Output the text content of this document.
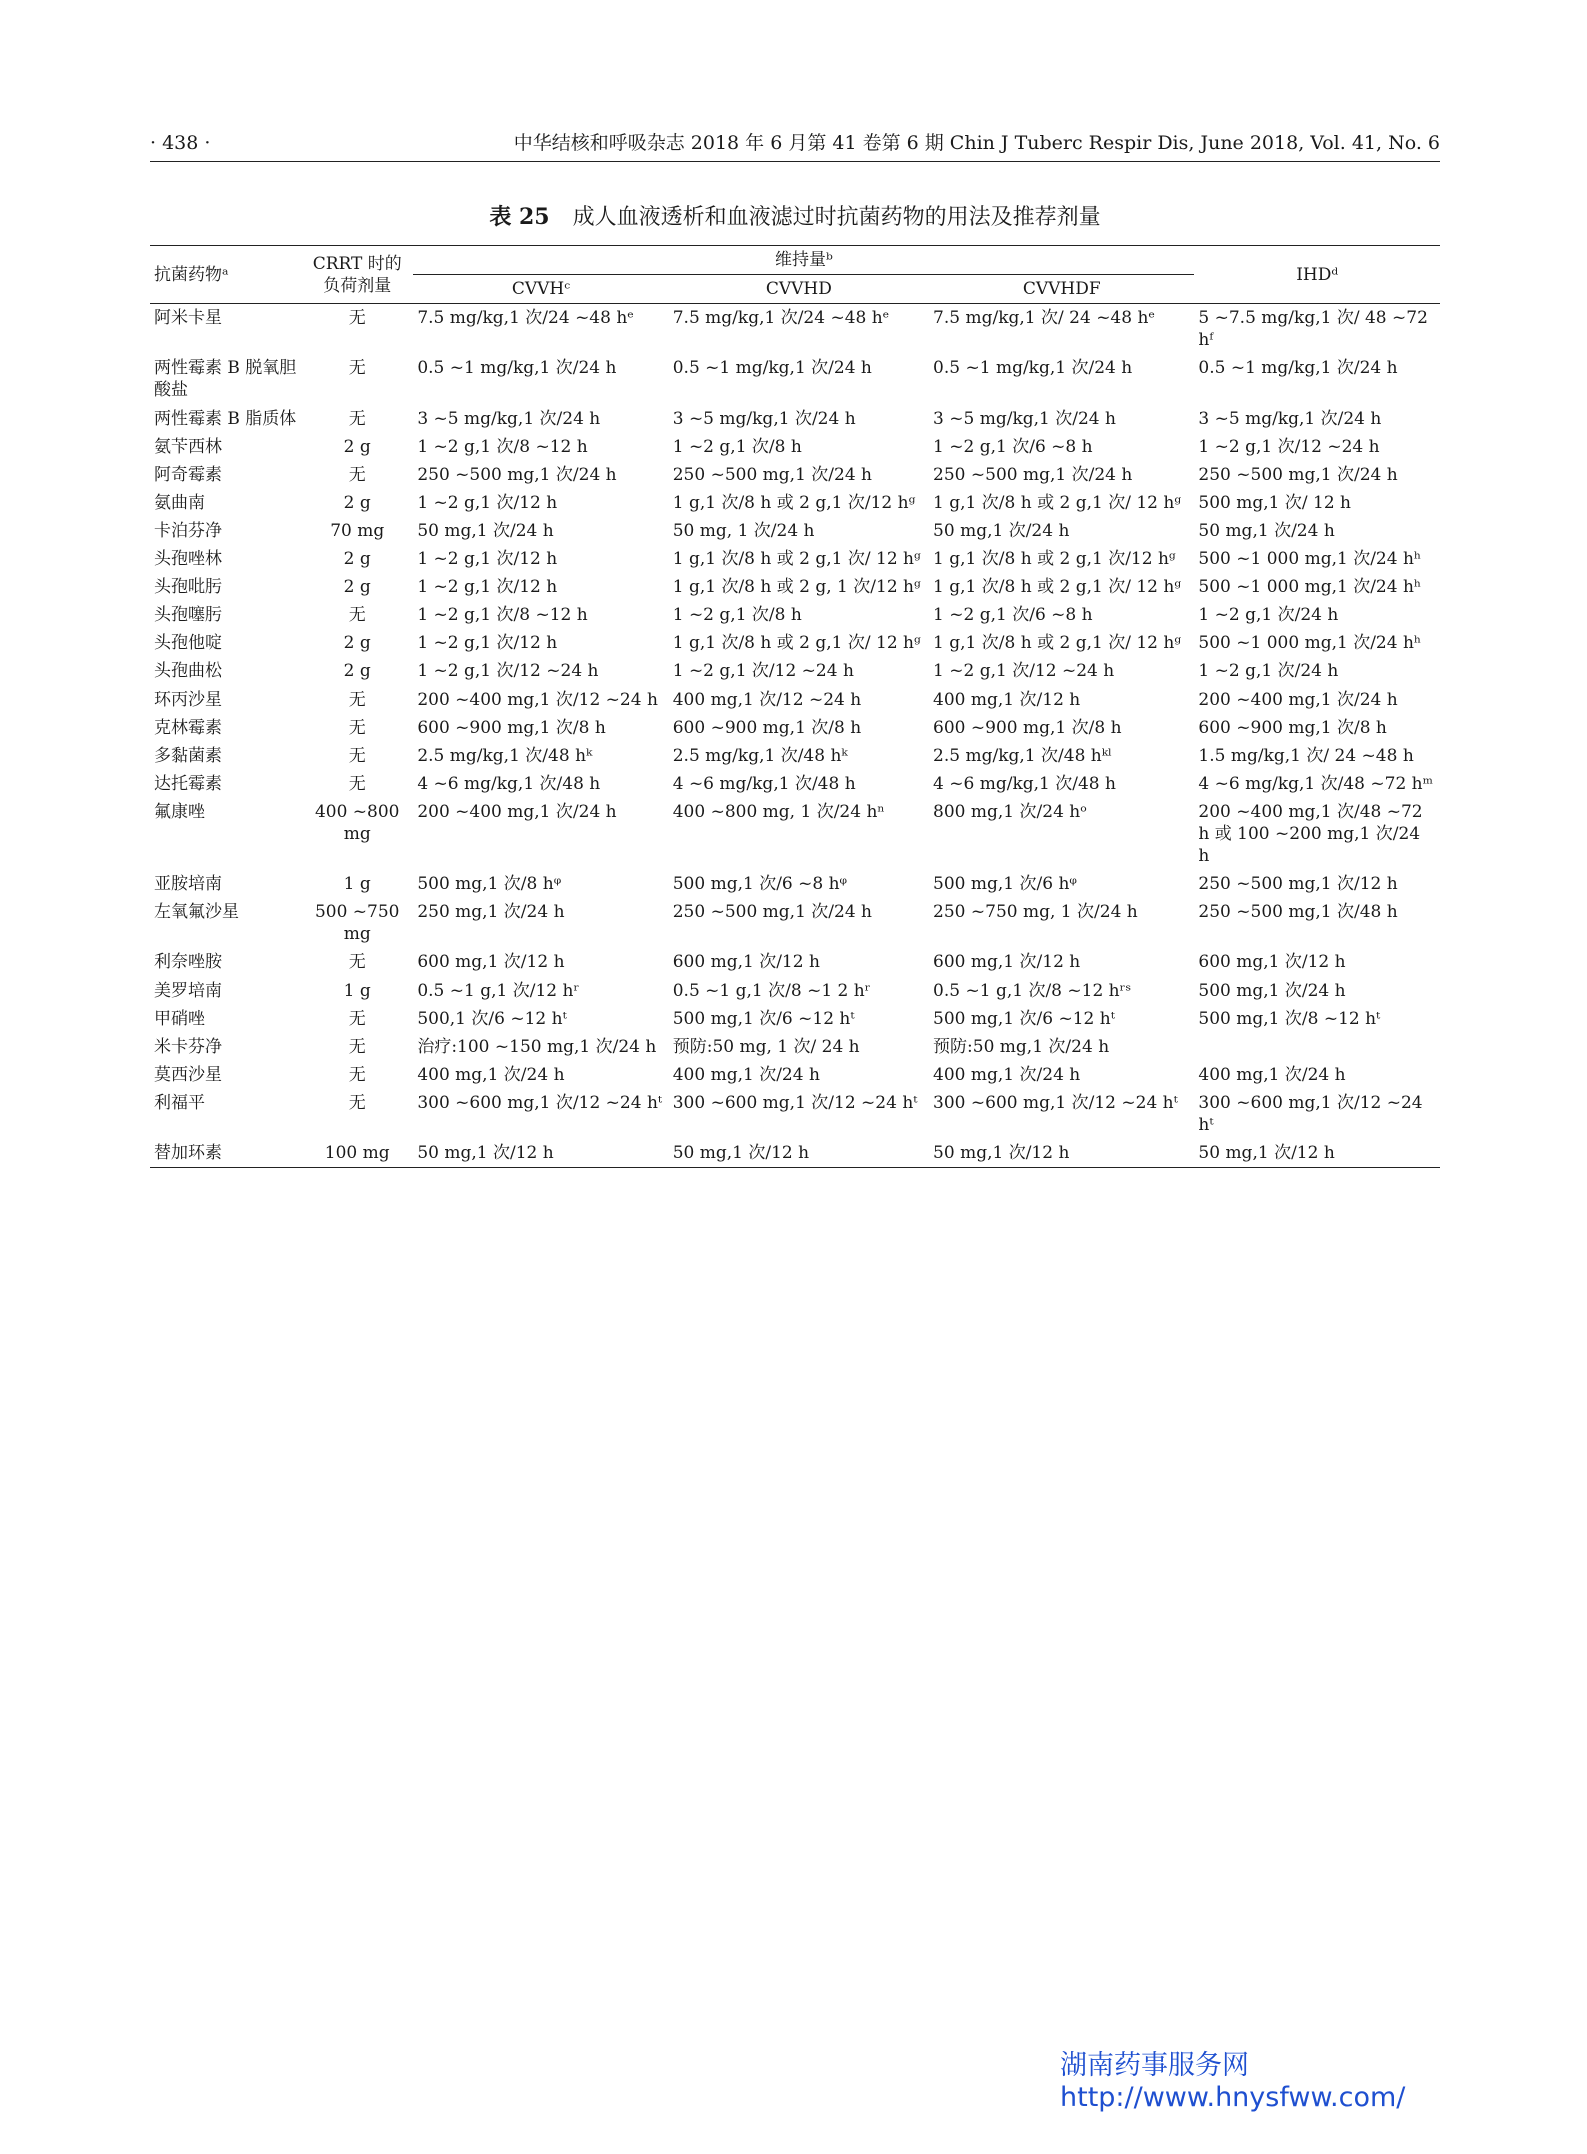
· 438 ·	中华结核和呼吸杂志 2018 年 6 月第 41 卷第 6 期 Chin J Tuberc Respir Dis, June 2018, Vol. 41, No. 6
表 25 成人血液透析和血液滤过时抗菌药物的用法及推荐剂量
抗菌药物ᵃ	CRRT 时的 负荷剂量	维持量ᵇ			IHDᵈ
		CVVHᶜ	CVVHD	CVVHDF	
阿米卡星	无	7.5 mg/kg,1 次/24 ~48 hᵉ	7.5 mg/kg,1 次/24 ~48 hᵉ	7.5 mg/kg,1 次/ 24 ~48 hᵉ	5 ~7.5 mg/kg,1 次/ 48 ~72 hᶠ
两性霉素 B 脱氧胆酸盐	无	0.5 ~1 mg/kg,1 次/24 h	0.5 ~1 mg/kg,1 次/24 h	0.5 ~1 mg/kg,1 次/24 h	0.5 ~1 mg/kg,1 次/24 h
两性霉素 B 脂质体	无	3 ~5 mg/kg,1 次/24 h	3 ~5 mg/kg,1 次/24 h	3 ~5 mg/kg,1 次/24 h	3 ~5 mg/kg,1 次/24 h
氨苄西林	2 g	1 ~2 g,1 次/8 ~12 h	1 ~2 g,1 次/8 h	1 ~2 g,1 次/6 ~8 h	1 ~2 g,1 次/12 ~24 h
阿奇霉素	无	250 ~500 mg,1 次/24 h	250 ~500 mg,1 次/24 h	250 ~500 mg,1 次/24 h	250 ~500 mg,1 次/24 h
氨曲南	2 g	1 ~2 g,1 次/12 h	1 g,1 次/8 h 或 2 g,1 次/12 hᵍ	1 g,1 次/8 h 或 2 g,1 次/ 12 hᵍ	500 mg,1 次/ 12 h
卡泊芬净	70 mg	50 mg,1 次/24 h	50 mg, 1 次/24 h	50 mg,1 次/24 h	50 mg,1 次/24 h
头孢唑林	2 g	1 ~2 g,1 次/12 h	1 g,1 次/8 h 或 2 g,1 次/ 12 hᵍ	1 g,1 次/8 h 或 2 g,1 次/12 hᵍ	500 ~1 000 mg,1 次/24 hʰ
头孢吡肟	2 g	1 ~2 g,1 次/12 h	1 g,1 次/8 h 或 2 g, 1 次/12 hᵍ	1 g,1 次/8 h 或 2 g,1 次/ 12 hᵍ	500 ~1 000 mg,1 次/24 hʰ
头孢噻肟	无	1 ~2 g,1 次/8 ~12 h	1 ~2 g,1 次/8 h	1 ~2 g,1 次/6 ~8 h	1 ~2 g,1 次/24 h
头孢他啶	2 g	1 ~2 g,1 次/12 h	1 g,1 次/8 h 或 2 g,1 次/ 12 hᵍ	1 g,1 次/8 h 或 2 g,1 次/ 12 hᵍ	500 ~1 000 mg,1 次/24 hʰ
头孢曲松	2 g	1 ~2 g,1 次/12 ~24 h	1 ~2 g,1 次/12 ~24 h	1 ~2 g,1 次/12 ~24 h	1 ~2 g,1 次/24 h
环丙沙星	无	200 ~400 mg,1 次/12 ~24 h	400 mg,1 次/12 ~24 h	400 mg,1 次/12 h	200 ~400 mg,1 次/24 h
克林霉素	无	600 ~900 mg,1 次/8 h	600 ~900 mg,1 次/8 h	600 ~900 mg,1 次/8 h	600 ~900 mg,1 次/8 h
多黏菌素	无	2.5 mg/kg,1 次/48 hᵏ	2.5 mg/kg,1 次/48 hᵏ	2.5 mg/kg,1 次/48 hᵏˡ	1.5 mg/kg,1 次/ 24 ~48 h
达托霉素	无	4 ~6 mg/kg,1 次/48 h	4 ~6 mg/kg,1 次/48 h	4 ~6 mg/kg,1 次/48 h	4 ~6 mg/kg,1 次/48 ~72 hᵐ
氟康唑	400 ~800 mg	200 ~400 mg,1 次/24 h	400 ~800 mg, 1 次/24 hⁿ	800 mg,1 次/24 hᵒ	200 ~400 mg,1 次/48 ~72 h 或 100 ~200 mg,1 次/24 h
亚胺培南	1 g	500 mg,1 次/8 hᵠ	500 mg,1 次/6 ~8 hᵠ	500 mg,1 次/6 hᵠ	250 ~500 mg,1 次/12 h
左氧氟沙星	500 ~750 mg	250 mg,1 次/24 h	250 ~500 mg,1 次/24 h	250 ~750 mg, 1 次/24 h	250 ~500 mg,1 次/48 h
利奈唑胺	无	600 mg,1 次/12 h	600 mg,1 次/12 h	600 mg,1 次/12 h	600 mg,1 次/12 h
美罗培南	1 g	0.5 ~1 g,1 次/12 hʳ	0.5 ~1 g,1 次/8 ~1 2 hʳ	0.5 ~1 g,1 次/8 ~12 hʳˢ	500 mg,1 次/24 h
甲硝唑	无	500,1 次/6 ~12 hᵗ	500 mg,1 次/6 ~12 hᵗ	500 mg,1 次/6 ~12 hᵗ	500 mg,1 次/8 ~12 hᵗ
米卡芬净	无	治疗:100 ~150 mg,1 次/24 h	预防:50 mg, 1 次/ 24 h	预防:50 mg,1 次/24 h	
莫西沙星	无	400 mg,1 次/24 h	400 mg,1 次/24 h	400 mg,1 次/24 h	400 mg,1 次/24 h
利福平	无	300 ~600 mg,1 次/12 ~24 hᵗ	300 ~600 mg,1 次/12 ~24 hᵗ	300 ~600 mg,1 次/12 ~24 hᵗ	300 ~600 mg,1 次/12 ~24 hᵗ
替加环素	100 mg	50 mg,1 次/12 h	50 mg,1 次/12 h	50 mg,1 次/12 h	50 mg,1 次/12 h
湖南药事服务网
http://www.hnysfww.com/
